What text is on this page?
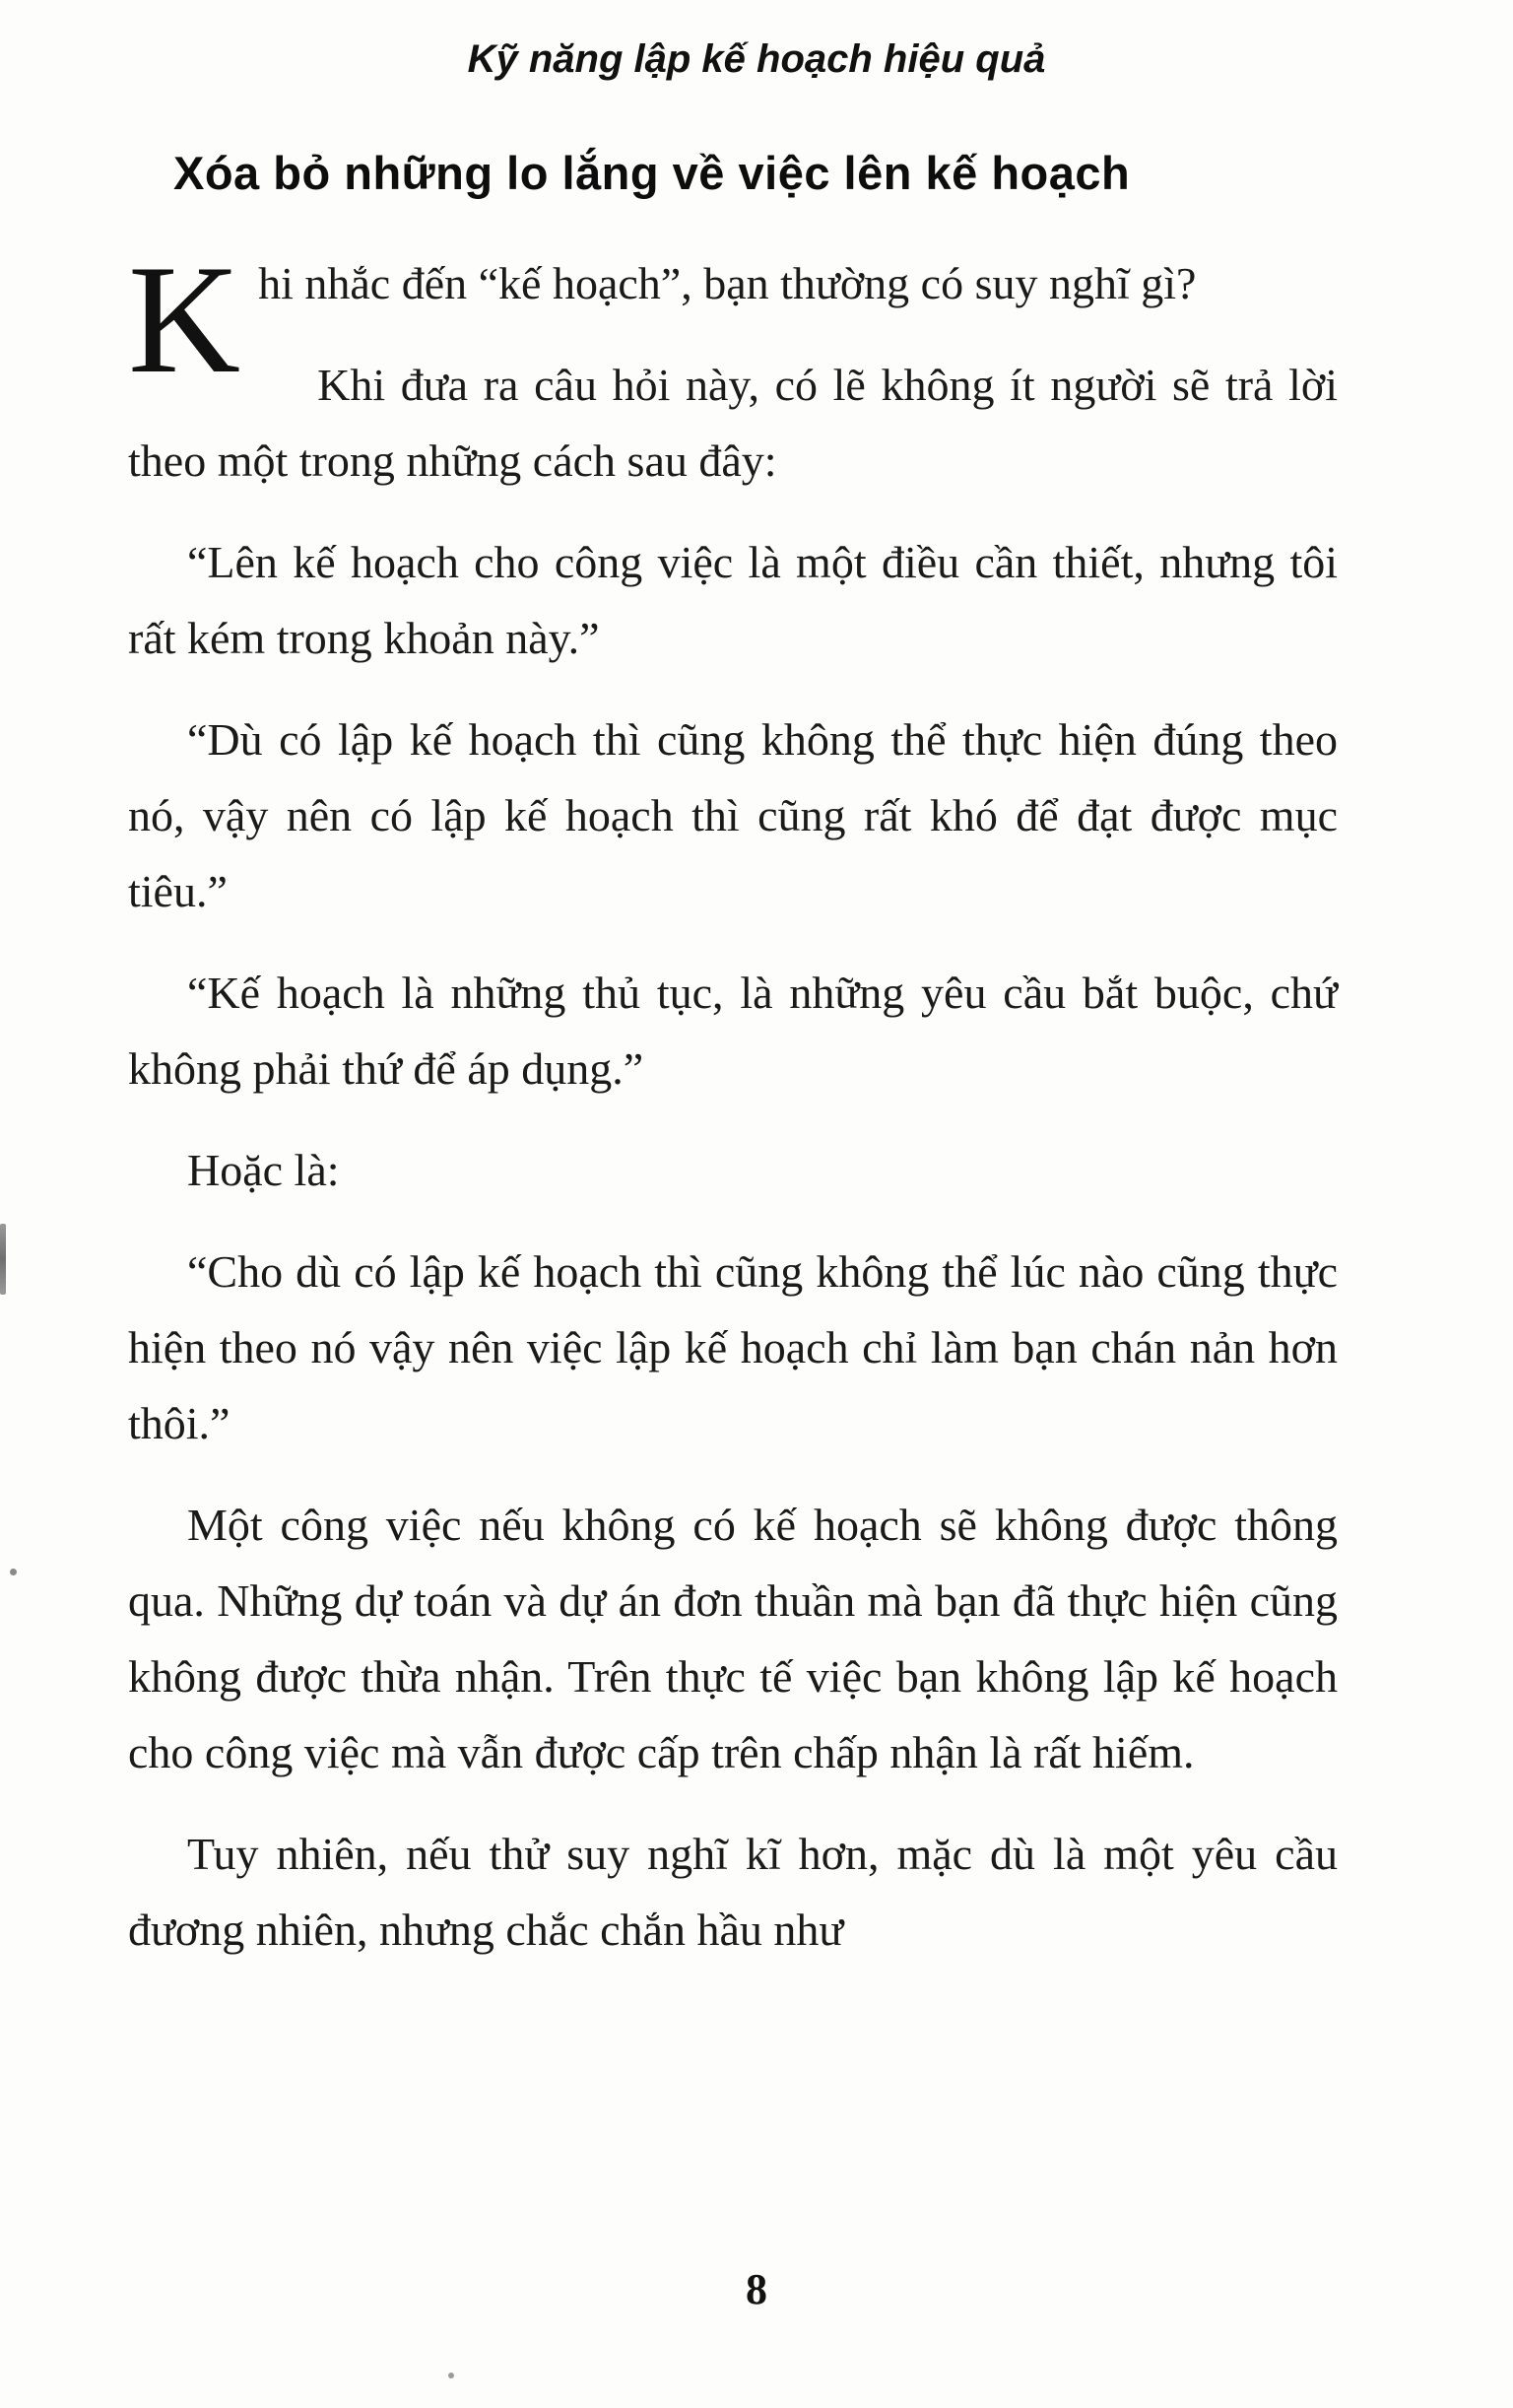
Kỹ năng lập kế hoạch hiệu quả
Xóa bỏ những lo lắng về việc lên kế hoạch

Khi nhắc đến “kế hoạch”, bạn thường có suy nghĩ gì?

Khi đưa ra câu hỏi này, có lẽ không ít người sẽ trả lời theo một trong những cách sau đây:

“Lên kế hoạch cho công việc là một điều cần thiết, nhưng tôi rất kém trong khoản này.”

“Dù có lập kế hoạch thì cũng không thể thực hiện đúng theo nó, vậy nên có lập kế hoạch thì cũng rất khó để đạt được mục tiêu.”

“Kế hoạch là những thủ tục, là những yêu cầu bắt buộc, chứ không phải thứ để áp dụng.”

Hoặc là:

“Cho dù có lập kế hoạch thì cũng không thể lúc nào cũng thực hiện theo nó vậy nên việc lập kế hoạch chỉ làm bạn chán nản hơn thôi.”

Một công việc nếu không có kế hoạch sẽ không được thông qua. Những dự toán và dự án đơn thuần mà bạn đã thực hiện cũng không được thừa nhận. Trên thực tế việc bạn không lập kế hoạch cho công việc mà vẫn được cấp trên chấp nhận là rất hiếm.

Tuy nhiên, nếu thử suy nghĩ kĩ hơn, mặc dù là một yêu cầu đương nhiên, nhưng chắc chắn hầu như

8
